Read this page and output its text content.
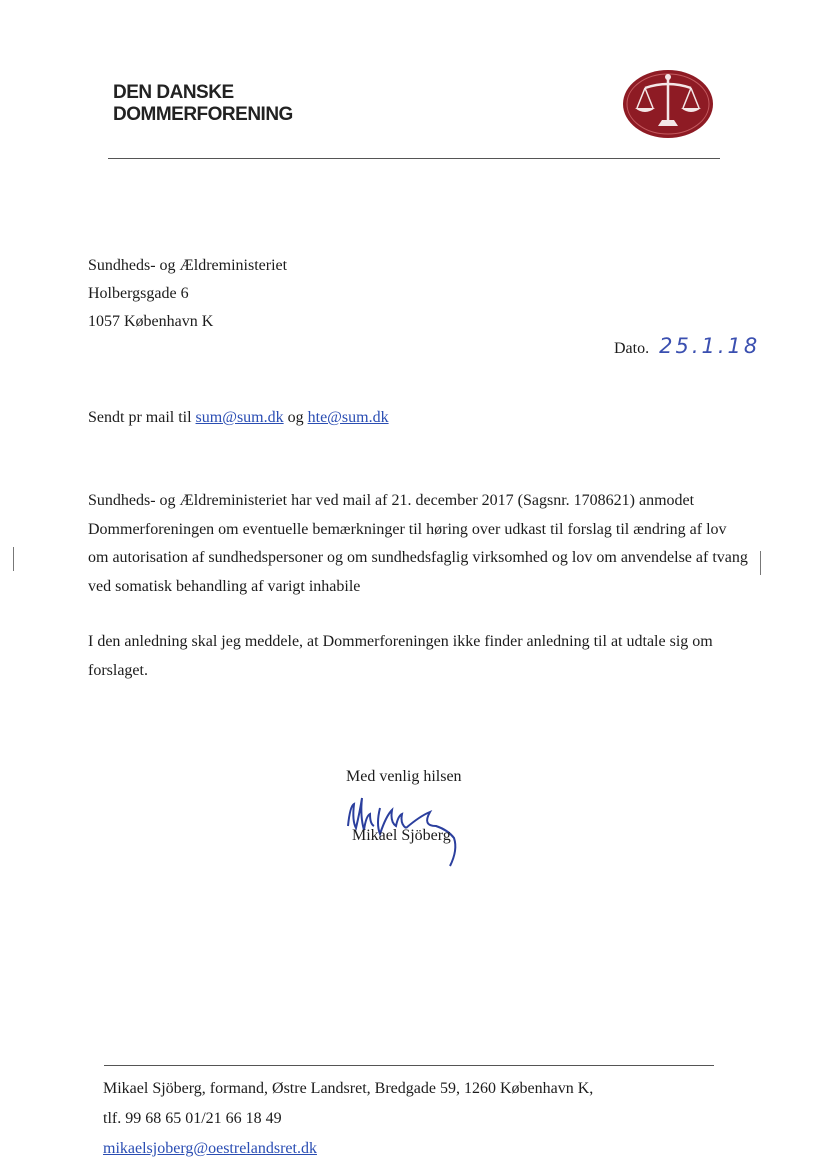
DEN DANSKE
DOMMERFORENING
Sundheds- og Ældreministeriet
Holbergsgade 6
1057 København K
Dato. 25.1.18
Sendt pr mail til sum@sum.dk og hte@sum.dk
Sundheds- og Ældreministeriet har ved mail af 21. december 2017 (Sagsnr. 1708621) anmodet
Dommerforeningen om eventuelle bemærkninger til høring over udkast til forslag til ændring af lov
om autorisation af sundhedspersoner og om sundhedsfaglig virksomhed og lov om anvendelse af tvang
ved somatisk behandling af varigt inhabile
I den anledning skal jeg meddele, at Dommerforeningen ikke finder anledning til at udtale sig om
forslaget.
Med venlig hilsen
Mikael Sjöberg
Mikael Sjöberg, formand, Østre Landsret, Bredgade 59, 1260 København K,
tlf. 99 68 65 01/21 66 18 49
mikaelsjoberg@oestrelandsret.dk
